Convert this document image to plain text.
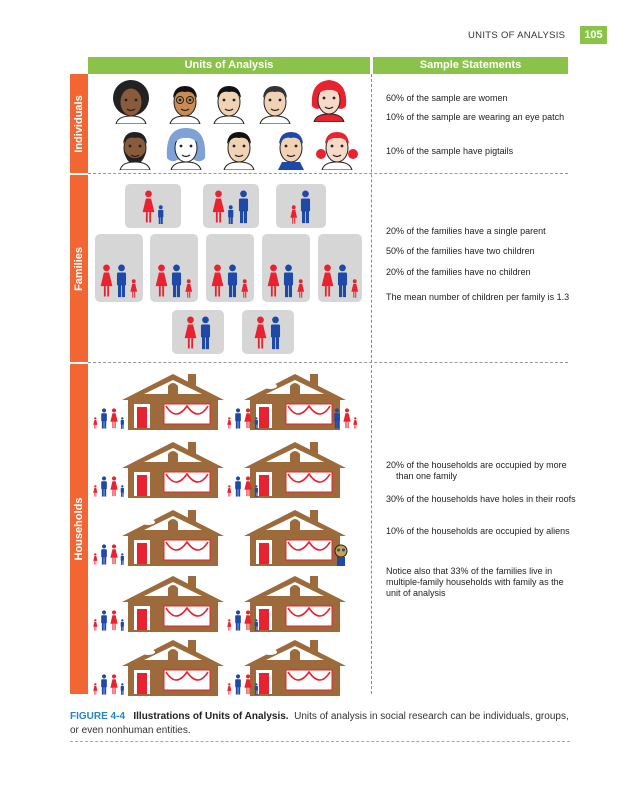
UNITS OF ANALYSIS	105
Units of Analysis	Sample Statements
Individuals
Families
Households
60% of the sample are women
10% of the sample are wearing an eye patch
10% of the sample have pigtails
20% of the families have a single parent
50% of the families have two children
20% of the families have no children
The mean number of children per family is 1.3
20% of the households are occupied by more than one family
30% of the households have holes in their roofs
10% of the households are occupied by aliens
Notice also that 33% of the families live in multiple-family households with family as the unit of analysis
FIGURE 4-4 Illustrations of Units of Analysis. Units of analysis in social research can be individuals, groups, or even nonhuman entities.
